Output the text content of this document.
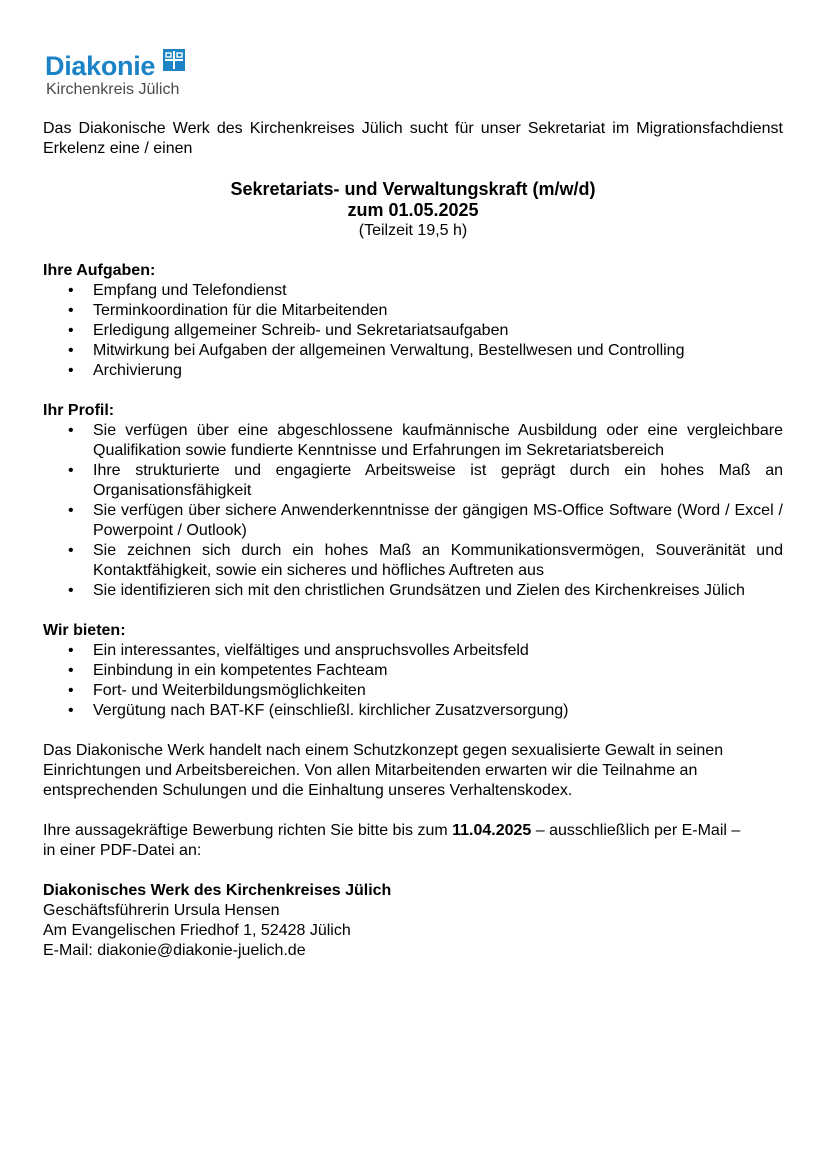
Diakonie
Kirchenkreis Jülich

Das Diakonische Werk des Kirchenkreises Jülich sucht für unser Sekretariat im Migrationsfachdienst Erkelenz eine / einen

Sekretariats- und Verwaltungskraft (m/w/d)
zum 01.05.2025
(Teilzeit 19,5 h)
Ihre Aufgaben:
• Empfang und Telefondienst
• Terminkoordination für die Mitarbeitenden
• Erledigung allgemeiner Schreib- und Sekretariatsaufgaben
• Mitwirkung bei Aufgaben der allgemeinen Verwaltung, Bestellwesen und Controlling
• Archivierung
Ihr Profil:
• Sie verfügen über eine abgeschlossene kaufmännische Ausbildung oder eine vergleichbare Qualifikation sowie fundierte Kenntnisse und Erfahrungen im Sekretariatsbereich
• Ihre strukturierte und engagierte Arbeitsweise ist geprägt durch ein hohes Maß an Organisationsfähigkeit
• Sie verfügen über sichere Anwenderkenntnisse der gängigen MS-Office Software (Word / Excel / Powerpoint / Outlook)
• Sie zeichnen sich durch ein hohes Maß an Kommunikationsvermögen, Souveränität und Kontaktfähigkeit, sowie ein sicheres und höfliches Auftreten aus
• Sie identifizieren sich mit den christlichen Grundsätzen und Zielen des Kirchenkreises Jülich
Wir bieten:
• Ein interessantes, vielfältiges und anspruchsvolles Arbeitsfeld
• Einbindung in ein kompetentes Fachteam
• Fort- und Weiterbildungsmöglichkeiten
• Vergütung nach BAT-KF (einschließl. kirchlicher Zusatzversorgung)
Das Diakonische Werk handelt nach einem Schutzkonzept gegen sexualisierte Gewalt in seinen
Einrichtungen und Arbeitsbereichen. Von allen Mitarbeitenden erwarten wir die Teilnahme an
entsprechenden Schulungen und die Einhaltung unseres Verhaltenskodex.
Ihre aussagekräftige Bewerbung richten Sie bitte bis zum 11.04.2025 – ausschließlich per E-Mail –
in einer PDF-Datei an:
Diakonisches Werk des Kirchenkreises Jülich
Geschäftsführerin Ursula Hensen
Am Evangelischen Friedhof 1, 52428 Jülich
E-Mail: diakonie@diakonie-juelich.de
